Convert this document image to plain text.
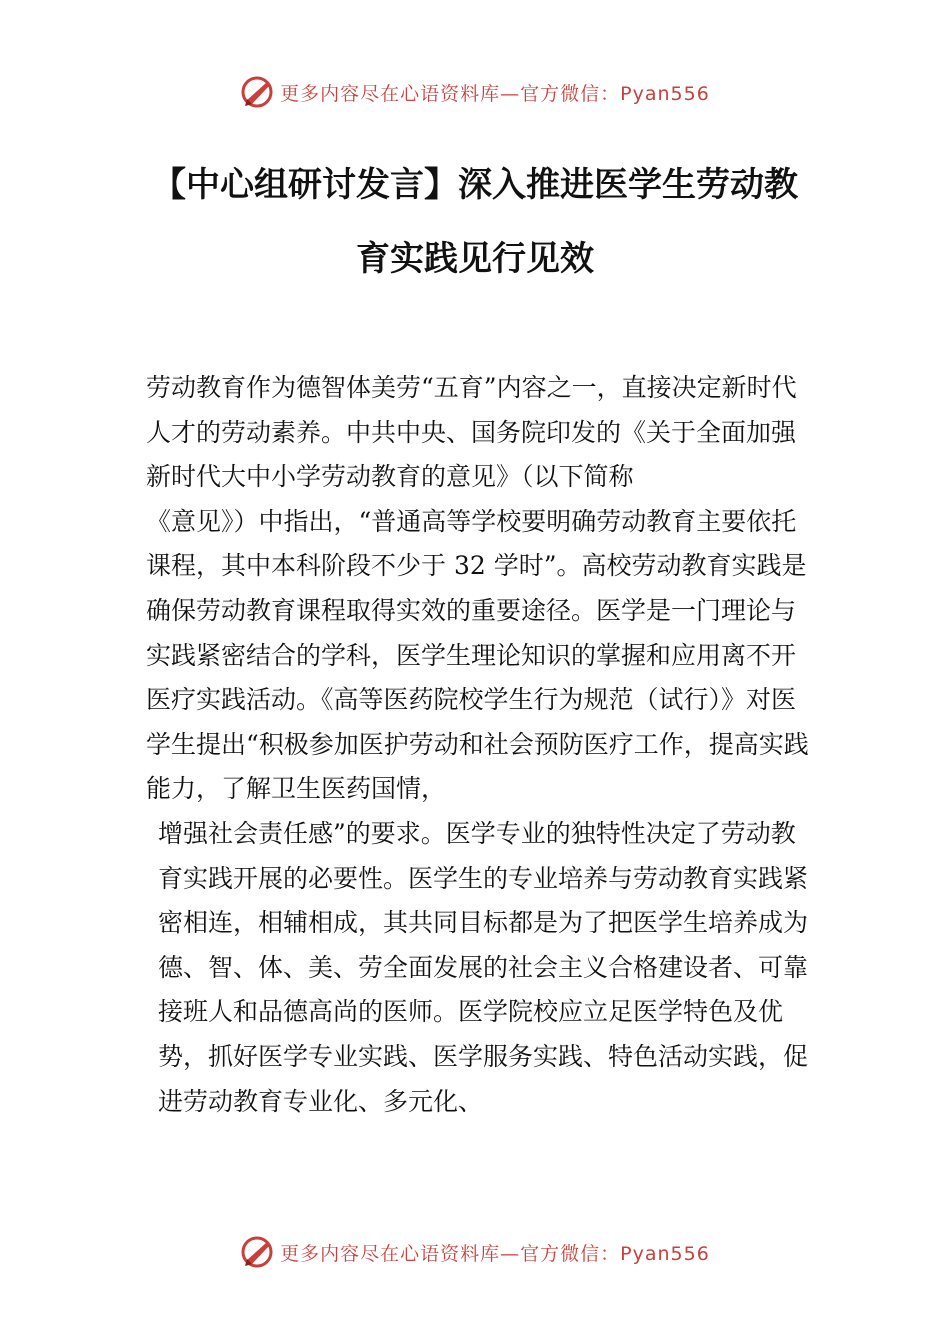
更多内容尽在心语资料库—官方微信：Pyan556
【中心组研讨发言】深入推进医学生劳动教
育实践见行见效

劳动教育作为德智体美劳“五育”内容之一，直接决定新时代人才的劳动素养。中共中央、国务院印发的《关于全面加强新时代大中小学劳动教育的意见》（以下简称

《意见》）中指出，“普通高等学校要明确劳动教育主要依托课程，其中本科阶段不少于 32 学时”。高校劳动教育实践是确保劳动教育课程取得实效的重要途径。医学是一门理论与实践紧密结合的学科，医学生理论知识的掌握和应用离不开医疗实践活动。《高等医药院校学生行为规范（试行）》对医学生提出“积极参加医护劳动和社会预防医疗工作，提高实践能力，了解卫生医药国情，

增强社会责任感”的要求。医学专业的独特性决定了劳动教育实践开展的必要性。医学生的专业培养与劳动教育实践紧密相连，相辅相成，其共同目标都是为了把医学生培养成为德、智、体、美、劳全面发展的社会主义合格建设者、可靠接班人和品德高尚的医师。医学院校应立足医学特色及优势，抓好医学专业实践、医学服务实践、特色活动实践，促进劳动教育专业化、多元化、

更多内容尽在心语资料库—官方微信：Pyan556
